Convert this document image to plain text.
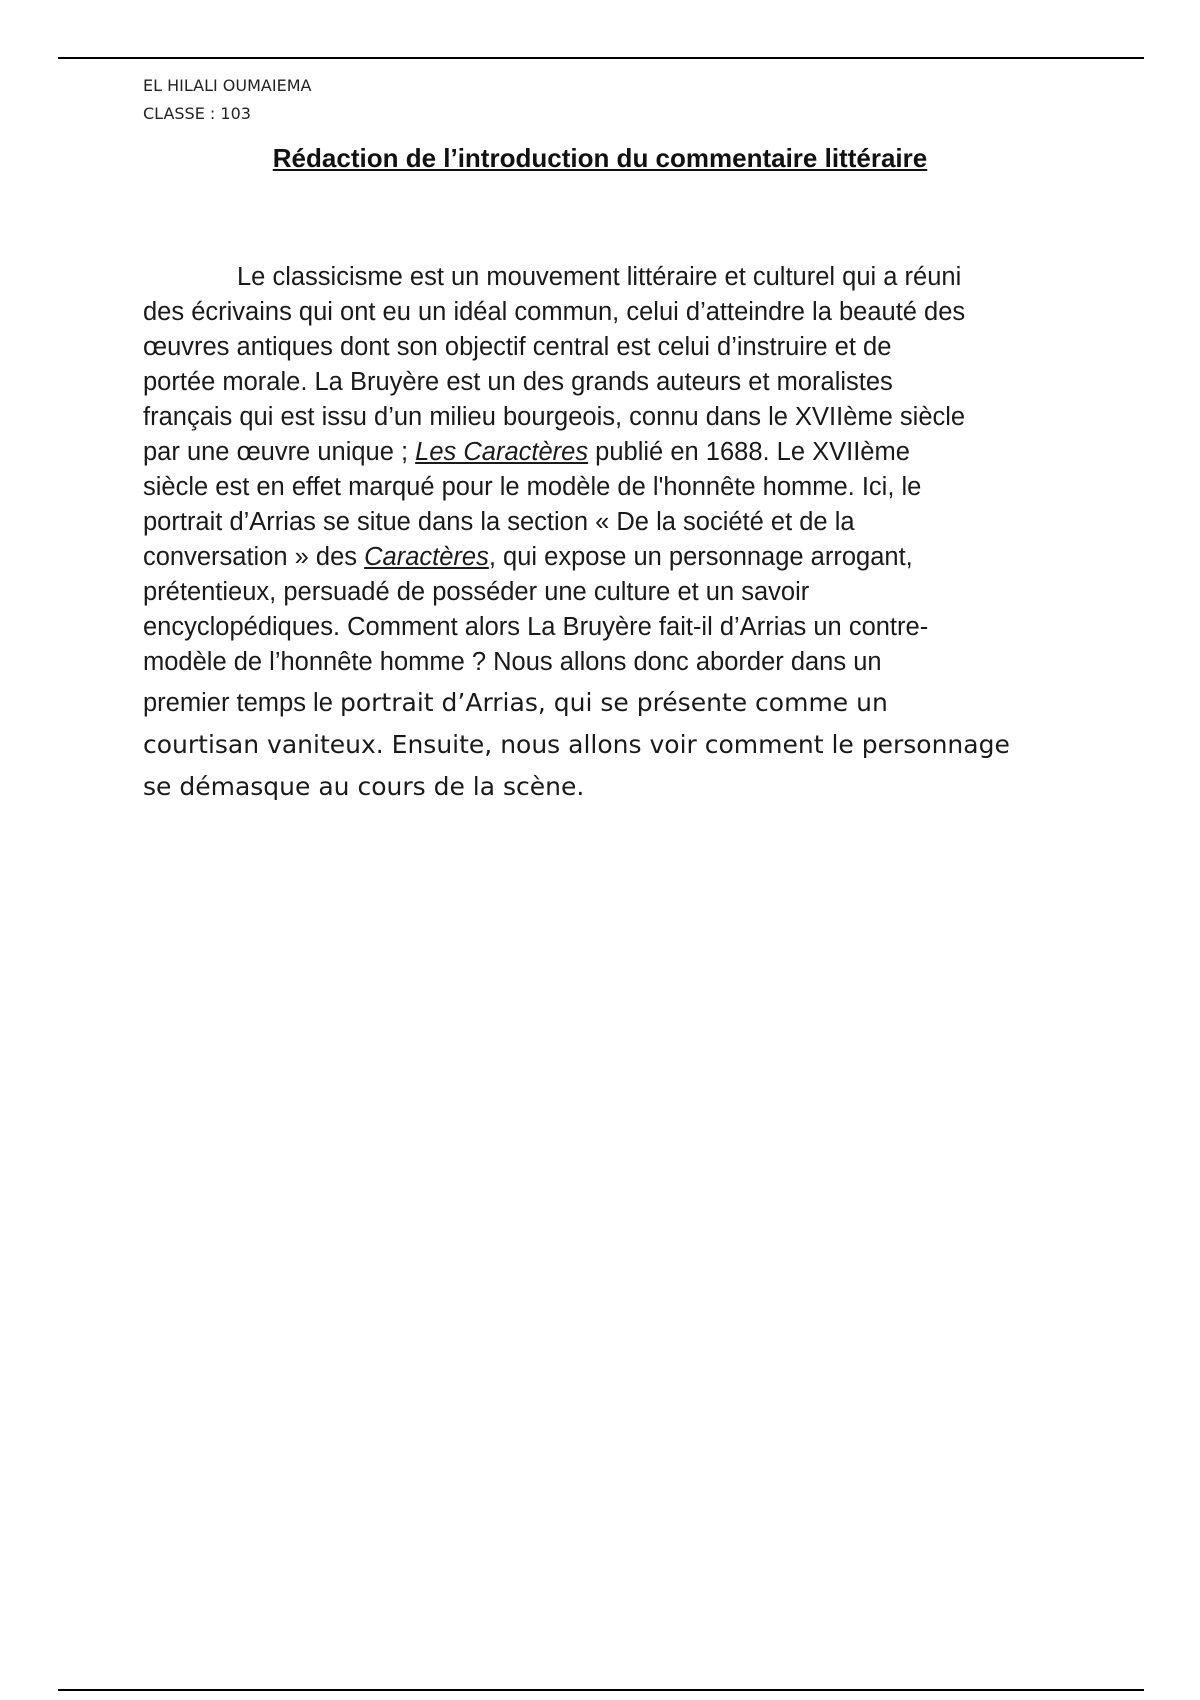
EL HILALI OUMAIEMA
CLASSE : 103
Rédaction de l’introduction du commentaire littéraire
Le classicisme est un mouvement littéraire et culturel qui a réuni
des écrivains qui ont eu un idéal commun, celui d’atteindre la beauté des
œuvres antiques dont son objectif central est celui d’instruire et de
portée morale. La Bruyère est un des grands auteurs et moralistes
français qui est issu d’un milieu bourgeois, connu dans le XVIIème siècle
par une œuvre unique ; Les Caractères publié en 1688. Le XVIIème
siècle est en effet marqué pour le modèle de l'honnête homme. Ici, le
portrait d’Arrias se situe dans la section « De la société et de la
conversation » des Caractères, qui expose un personnage arrogant,
prétentieux, persuadé de posséder une culture et un savoir
encyclopédiques. Comment alors La Bruyère fait-il d’Arrias un contre-
modèle de l’honnête homme ? Nous allons donc aborder dans un
premier temps le portrait d’Arrias, qui se présente comme un
courtisan vaniteux. Ensuite, nous allons voir comment le personnage
se démasque au cours de la scène.
